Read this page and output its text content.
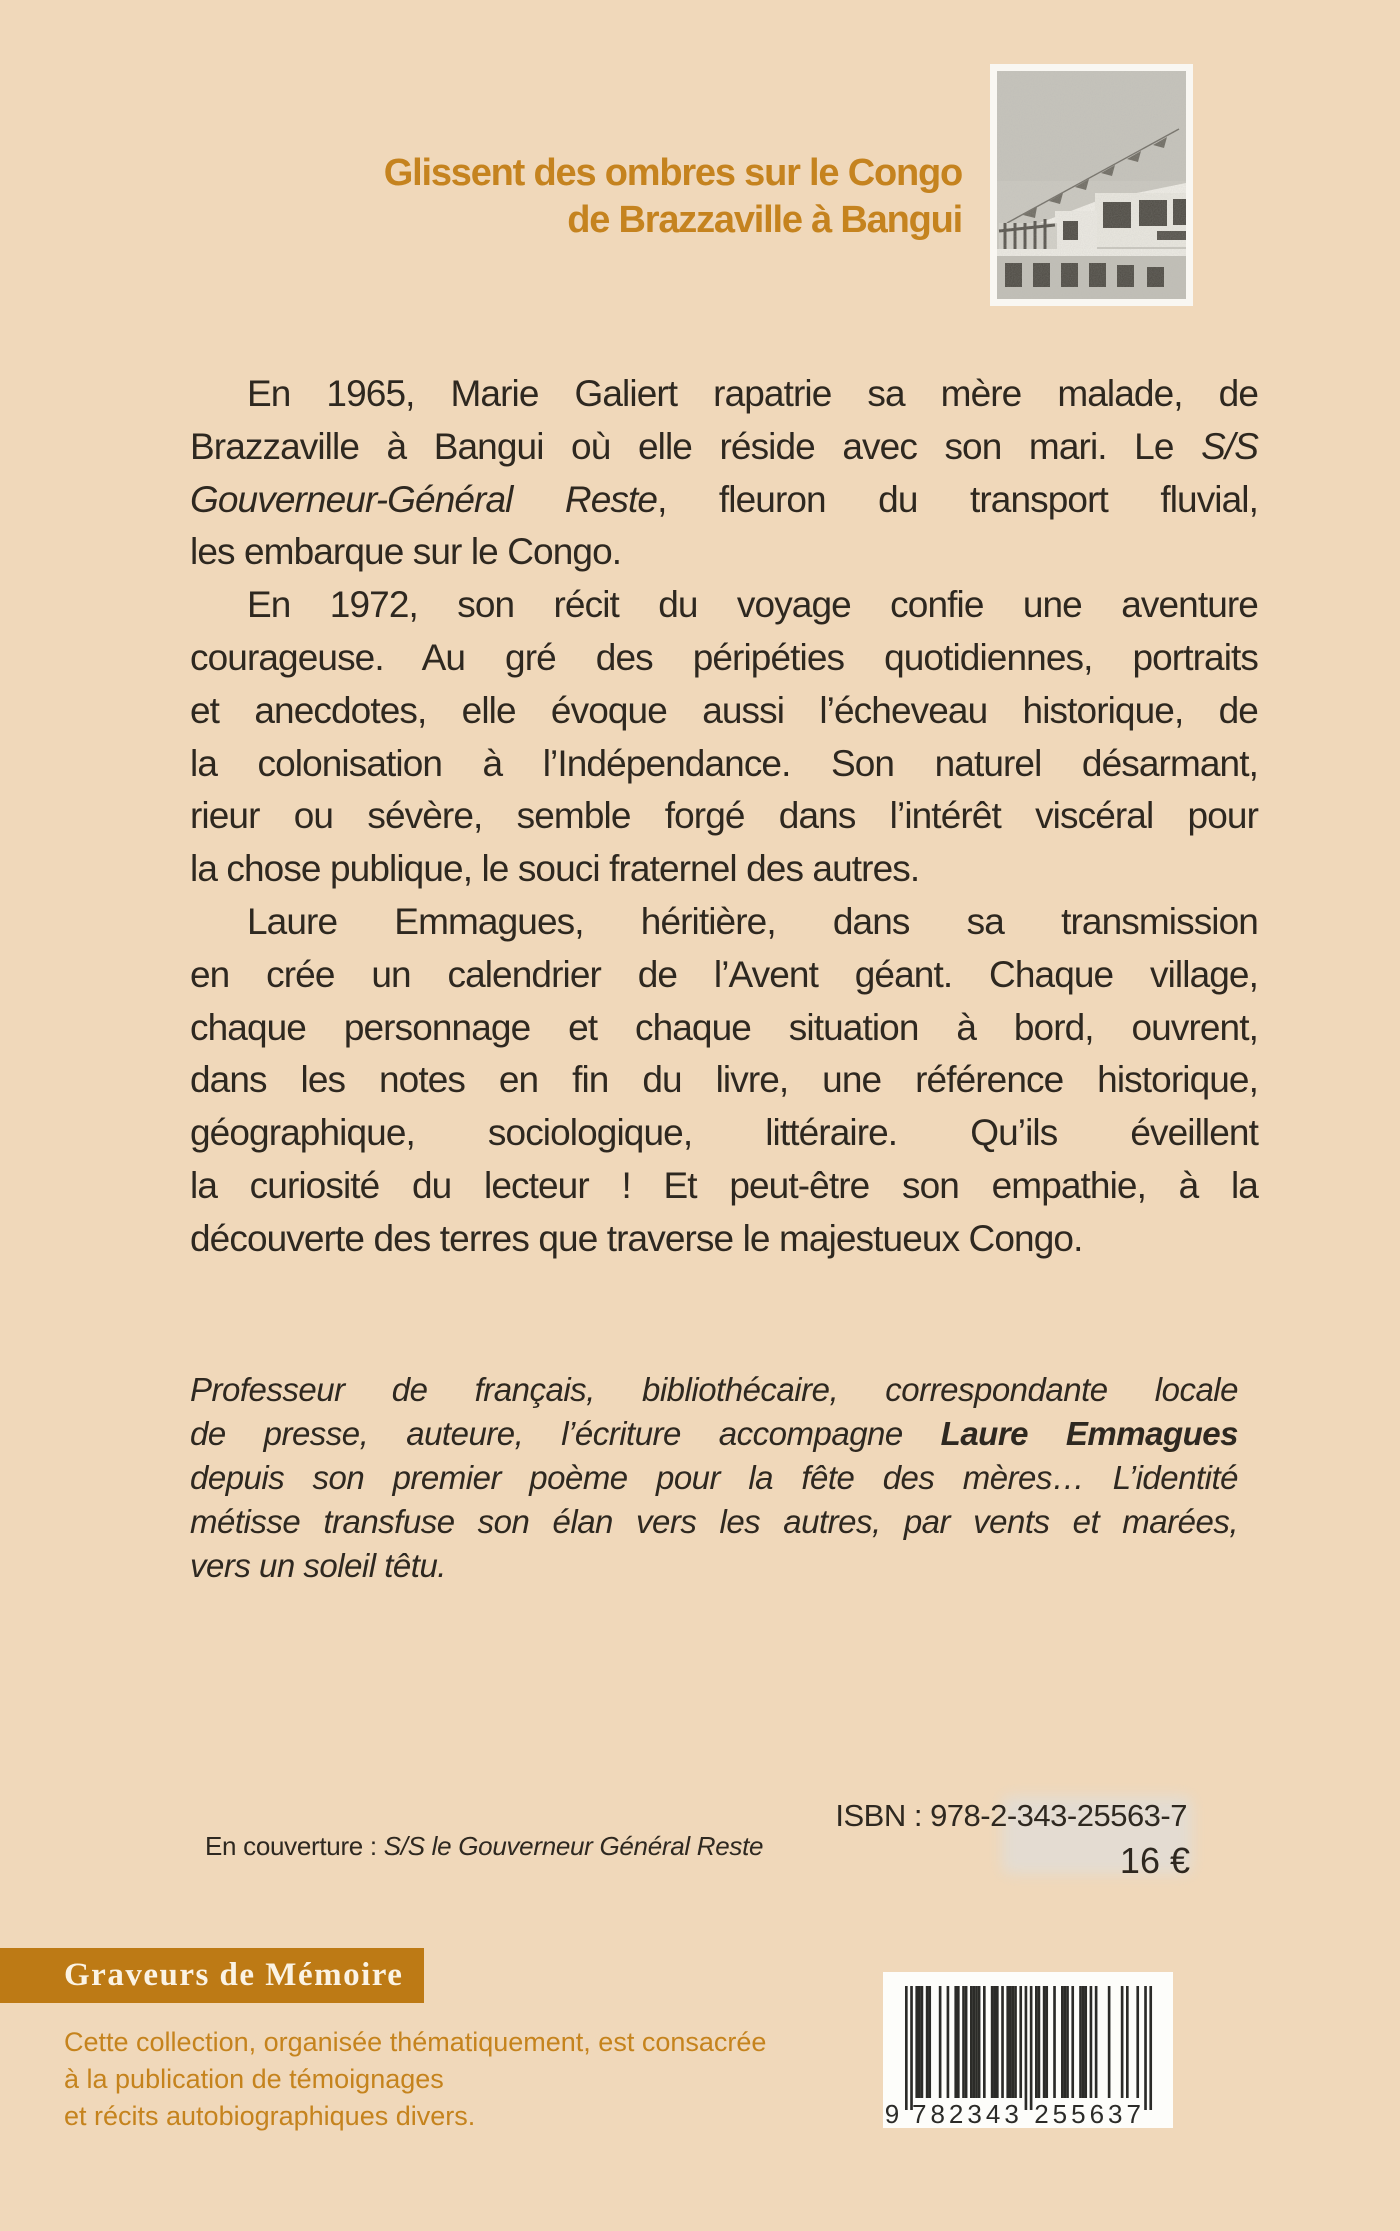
Glissent des ombres sur le Congo
de Brazzaville à Bangui
En 1965, Marie Galiert rapatrie sa mère malade, de
Brazzaville à Bangui où elle réside avec son mari. Le S/S
Gouverneur-Général Reste, fleuron du transport fluvial,
les embarque sur le Congo.
En 1972, son récit du voyage confie une aventure
courageuse. Au gré des péripéties quotidiennes, portraits
et anecdotes, elle évoque aussi l’écheveau historique, de
la colonisation à l’Indépendance. Son naturel désarmant,
rieur ou sévère, semble forgé dans l’intérêt viscéral pour
la chose publique, le souci fraternel des autres.
Laure Emmagues, héritière, dans sa transmission
en crée un calendrier de l’Avent géant. Chaque village,
chaque personnage et chaque situation à bord, ouvrent,
dans les notes en fin du livre, une référence historique,
géographique, sociologique, littéraire. Qu’ils éveillent
la curiosité du lecteur ! Et peut-être son empathie, à la
découverte des terres que traverse le majestueux Congo.
Professeur de français, bibliothécaire, correspondante locale
de presse, auteure, l’écriture accompagne Laure Emmagues
depuis son premier poème pour la fête des mères… L’identité
métisse transfuse son élan vers les autres, par vents et marées,
vers un soleil têtu.
ISBN : 978-2-343-25563-7
16 €
En couverture : S/S le Gouverneur Général Reste
Graveurs de Mémoire
Cette collection, organisée thématiquement, est consacrée
à la publication de témoignages
et récits autobiographiques divers.	9 782343 255637
